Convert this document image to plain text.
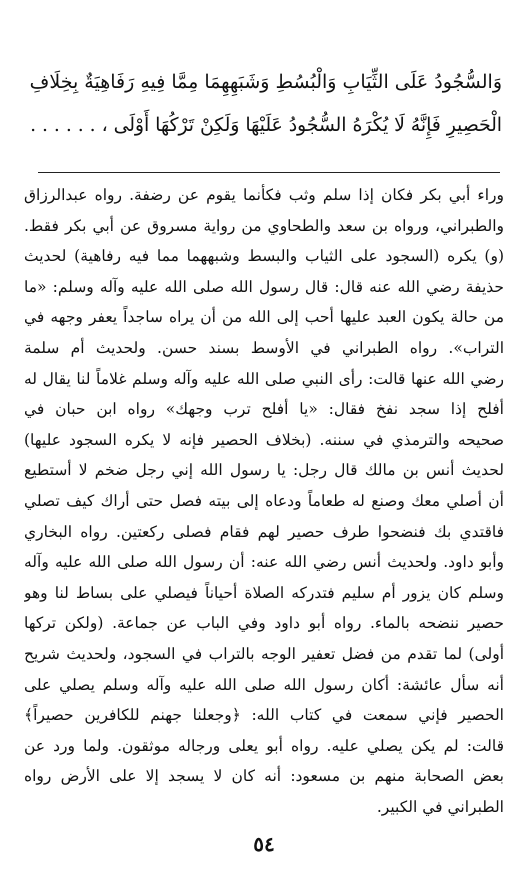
وَالسُّجُودُ عَلَى الثِّيَابِ وَالْبُسُطِ وَشَبَهِهِمَا مِمَّا فِيهِ رَفَاهِيَةٌ بِخِلَافِ
الْحَصِيرِ فَإِنَّهُ لَا يُكْرَهُ السُّجُودُ عَلَيْهَا وَلَكِنْ تَرْكُهَا أَوْلَى ، . . . . . .
وراء أبي بكر فكان إذا سلم وثب فكأنما يقوم عن رضفة. رواه عبدالرزاق
والطبراني، ورواه بن سعد والطحاوي من رواية مسروق عن أبي بكر فقط.
(و) يكره (السجود على الثياب والبسط وشبههما مما فيه رفاهية) لحديث
حذيفة رضي الله عنه قال: قال رسول الله صلى الله عليه وآله وسلم: «ما
من حالة يكون العبد عليها أحب إلى الله من أن يراه ساجداً يعفر وجهه في
التراب». رواه الطبراني في الأوسط بسند حسن. ولحديث أم سلمة
رضي الله عنها قالت: رأى النبي صلى الله عليه وآله وسلم غلاماً لنا يقال له
أفلح إذا سجد نفخ فقال: «يا أفلح ترب وجهك» رواه ابن حبان في
صحيحه والترمذي في سننه. (بخلاف الحصير فإنه لا يكره السجود عليها)
لحديث أنس بن مالك قال رجل: يا رسول الله إني رجل ضخم لا أستطيع
أن أصلي معك وصنع له طعاماً ودعاه إلى بيته فصل حتى أراك كيف تصلي
فاقتدي بك فنضحوا طرف حصير لهم فقام فصلى ركعتين. رواه البخاري
وأبو داود. ولحديث أنس رضي الله عنه: أن رسول الله صلى الله عليه وآله
وسلم كان يزور أم سليم فتدركه الصلاة أحياناً فيصلي على بساط لنا وهو
حصير ننضحه بالماء. رواه أبو داود وفي الباب عن جماعة. (ولكن تركها
أولى) لما تقدم من فضل تعفير الوجه بالتراب في السجود، ولحديث شريح
أنه سأل عائشة: أكان رسول الله صلى الله عليه وآله وسلم يصلي على
الحصير فإني سمعت في كتاب الله: ﴿وجعلنا جهنم للكافرين حصيراً﴾
قالت: لم يكن يصلي عليه. رواه أبو يعلى ورجاله موثقون. ولما ورد عن
بعض الصحابة منهم بن مسعود: أنه كان لا يسجد إلا على الأرض رواه
الطبراني في الكبير.
٥٤
